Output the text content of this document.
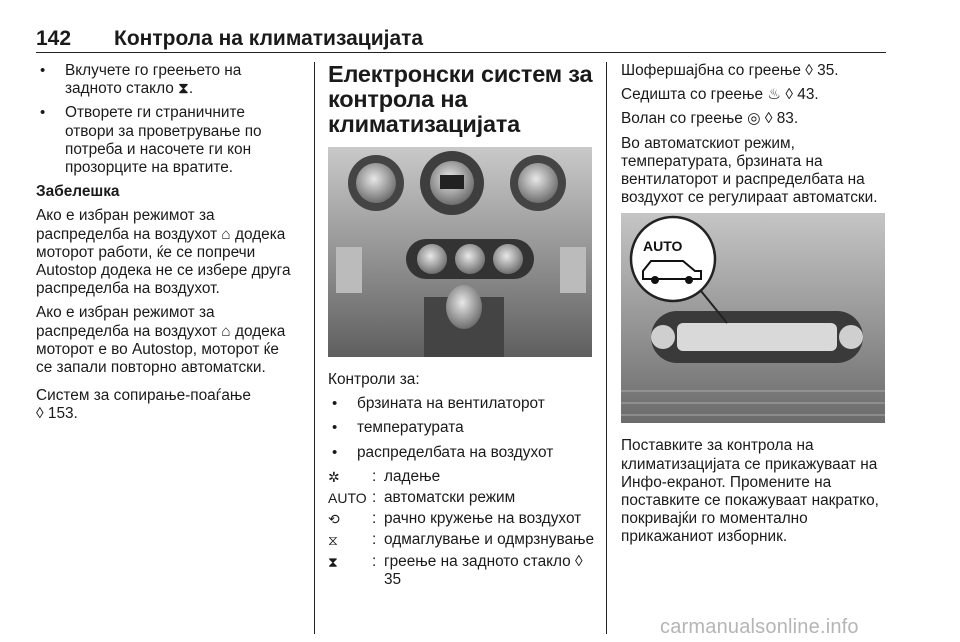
142 Контрола на климатизацијата
• Вклучете го греењето на задното стакло ⧗.
• Отворете ги страничните отвори за проветрување по потреба и насочете ги кон прозорците на вратите.

Забелешка

Ако е избран режимот за распределба на воздухот ⌂ додека моторот работи, ќе се попречи Autostop додека не се избере друга распределба на воздухот.

Ако е избран режимот за распределба на воздухот ⌂ додека моторот е во Autostop, моторот ќе се запали повторно автоматски.

Систем за сопирање-поаѓање

◊ 153.

Електронски систем за контрола на климатизацијата

Контроли за:

• брзината на вентилаторот
• температурата
• распределбата на воздухот
✲	: ладење
AUTO : автоматски режим
⟲	: рачно кружење на воздухот
⧖	: одмаглување и одмрзнување
⧗	: греење на задното стакло ◊ 35

Шофершајбна со греење ◊ 35.

Седишта со греење ♨ ◊ 43.

Волан со греење ◎ ◊ 83.

Во автоматскиот режим, температурата, брзината на вентилаторот и распределбата на воздухот се регулираат автоматски.

AUTO

Поставките за контрола на климатизацијата се прикажуваат на Инфо-екранот. Промените на поставките се покажуваат накратко, покривајќи го моментално прикажаниот изборник.

carmanualsonline.info
